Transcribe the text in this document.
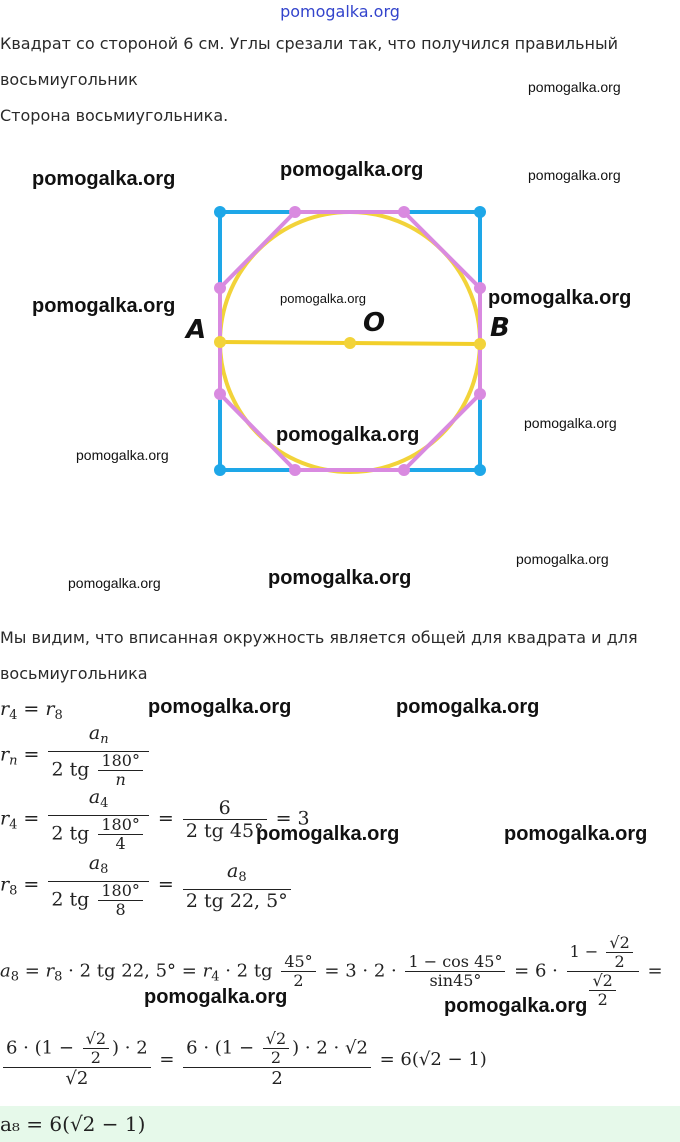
pomogalka.org
Квадрат со стороной 6 см. Углы срезали так, что получился правильный
восьмиугольник
Сторона восьмиугольника.
A	O	B
pomogalka.org
pomogalka.org	pomogalka.org	pomogalka.org
pomogalka.org	pomogalka.org	pomogalka.org
pomogalka.org
pomogalka.org
pomogalka.org
pomogalka.org
pomogalka.org	pomogalka.org
Мы видим, что вписанная окружность является общей для квадрата и для
восьмиугольника
$r_4 = r_8$	pomogalka.org	pomogalka.org
$r_n = \frac{a_n}{2 tg \frac{180^\circ}{n}}$
$r_4 = \frac{a_4}{2 tg \frac{180^\circ}{4}} = \frac{6}{2 tg 45^\circ} = 3$
pomogalka.org	pomogalka.org
$r_8 = \frac{a_8}{2 tg \frac{180^\circ}{8}} = \frac{a_8}{2 tg 22, 5^\circ}$
$a_8 = r_8 \cdot 2$ tg 22, $5^\circ = r_4 \cdot 2$ tg $\frac{45^\circ}{2} = 3 \cdot 2 \cdot \frac{1 - \cos 45^\circ}{\sin 45^\circ} = 6 \cdot \frac{1 - \frac{√2}{2}}{\frac{√2}{2}}$ =
pomogalka.org	pomogalka.org
$\frac{6 \cdot (1 - \frac{√2}{2} ) \cdot 2}{√2} = \frac{6 \cdot (1 - \frac{√2}{2} ) \cdot 2 \cdot √2}{2} = 6(√2 - 1)$
a₈ = 6(√2 − 1)
